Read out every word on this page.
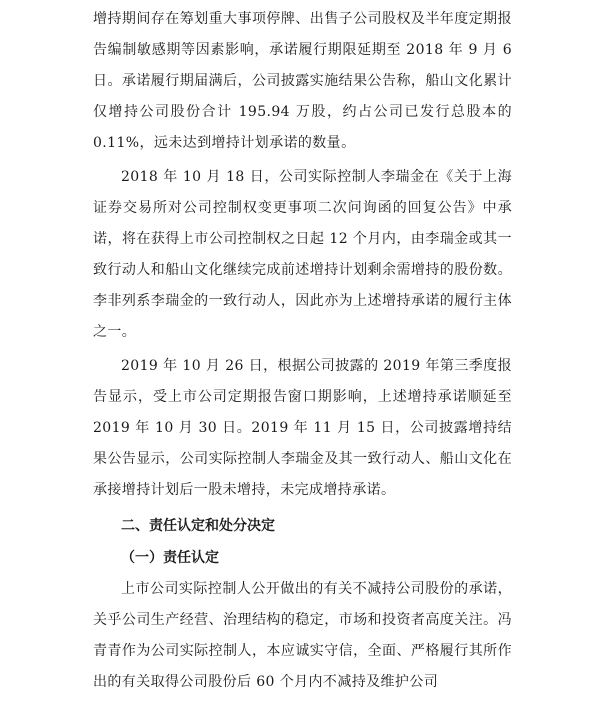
增持期间存在筹划重大事项停牌、出售子公司股权及半年度定期报告编制敏感期等因素影响，承诺履行期限延期至 2018 年 9 月 6 日。承诺履行期届满后，公司披露实施结果公告称，船山文化累计仅增持公司股份合计 195.94 万股，约占公司已发行总股本的 0.11%，远未达到增持计划承诺的数量。

2018 年 10 月 18 日，公司实际控制人李瑞金在《关于上海证券交易所对公司控制权变更事项二次问询函的回复公告》中承诺，将在获得上市公司控制权之日起 12 个月内，由李瑞金或其一致行动人和船山文化继续完成前述增持计划剩余需增持的股份数。李非列系李瑞金的一致行动人，因此亦为上述增持承诺的履行主体之一。

2019 年 10 月 26 日，根据公司披露的 2019 年第三季度报告显示，受上市公司定期报告窗口期影响，上述增持承诺顺延至 2019 年 10 月 30 日。2019 年 11 月 15 日，公司披露增持结果公告显示，公司实际控制人李瑞金及其一致行动人、船山文化在承接增持计划后一股未增持，未完成增持承诺。

二、责任认定和处分决定
（一）责任认定

上市公司实际控制人公开做出的有关不减持公司股份的承诺，关乎公司生产经营、治理结构的稳定，市场和投资者高度关注。冯青青作为公司实际控制人，本应诚实守信，全面、严格履行其所作出的有关取得公司股份后 60 个月内不减持及维护公司
